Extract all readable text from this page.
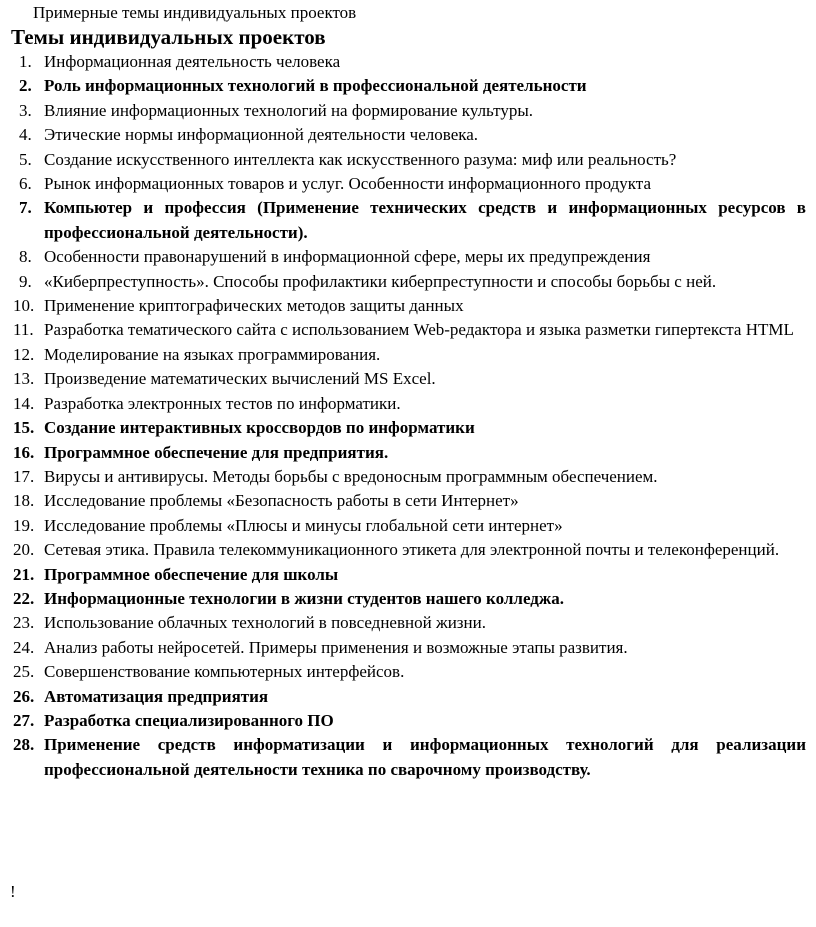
Примерные темы индивидуальных проектов
Темы индивидуальных проектов
1. Информационная деятельность человека
2. Роль информационных технологий в профессиональной деятельности
3. Влияние информационных технологий на формирование культуры.
4. Этические нормы информационной деятельности человека.
5. Создание искусственного интеллекта как искусственного разума: миф или реальность?
6. Рынок информационных товаров и услуг. Особенности информационного продукта
7. Компьютер и профессия (Применение технических средств и информационных ресурсов в профессиональной деятельности).
8. Особенности правонарушений в информационной сфере, меры их предупреждения
9. «Киберпреступность». Способы профилактики киберпреступности и способы борьбы с ней.
10. Применение криптографических методов защиты данных
11. Разработка тематического сайта с использованием Web-редактора и языка разметки гипертекста HTML
12. Моделирование на языках программирования.
13. Произведение математических вычислений MS Excel.
14. Разработка электронных тестов по информатики.
15. Создание интерактивных кроссвордов по информатики
16. Программное обеспечение для предприятия.
17. Вирусы и антивирусы. Методы борьбы с вредоносным программным обеспечением.
18. Исследование проблемы «Безопасность работы в сети Интернет»
19. Исследование проблемы «Плюсы и минусы глобальной сети интернет»
20. Сетевая этика. Правила телекоммуникационного этикета для электронной почты и телеконференций.
21. Программное обеспечение для школы
22. Информационные технологии в жизни студентов нашего колледжа.
23. Использование облачных технологий в повседневной жизни.
24. Анализ работы нейросетей. Примеры применения и возможные этапы развития.
25. Совершенствование компьютерных интерфейсов.
26. Автоматизация предприятия
27. Разработка специализированного ПО
28. Применение средств информатизации и информационных технологий для реализации профессиональной деятельности техника по сварочному производству.
!
